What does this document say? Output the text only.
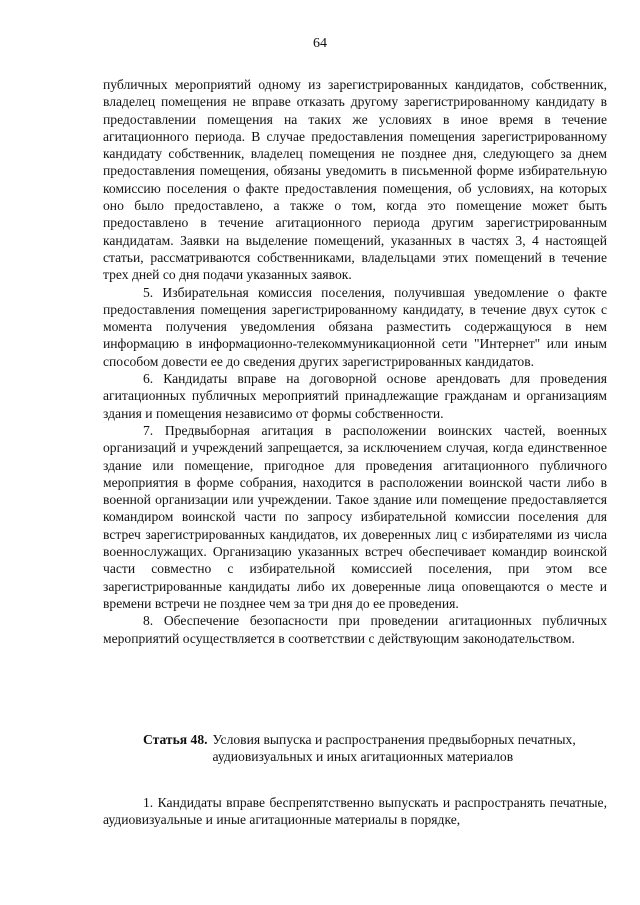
64

публичных мероприятий одному из зарегистрированных кандидатов, собственник, владелец помещения не вправе отказать другому зарегистрированному кандидату в предоставлении помещения на таких же условиях в иное время в течение агитационного периода. В случае предоставления помещения зарегистрированному кандидату собственник, владелец помещения не позднее дня, следующего за днем предоставления помещения, обязаны уведомить в письменной форме избирательную комиссию поселения о факте предоставления помещения, об условиях, на которых оно было предоставлено, а также о том, когда это помещение может быть предоставлено в течение агитационного периода другим зарегистрированным кандидатам. Заявки на выделение помещений, указанных в частях 3, 4 настоящей статьи, рассматриваются собственниками, владельцами этих помещений в течение трех дней со дня подачи указанных заявок.

5. Избирательная комиссия поселения, получившая уведомление о факте предоставления помещения зарегистрированному кандидату, в течение двух суток с момента получения уведомления обязана разместить содержащуюся в нем информацию в информационно-телекоммуникационной сети "Интернет" или иным способом довести ее до сведения других зарегистрированных кандидатов.

6. Кандидаты вправе на договорной основе арендовать для проведения агитационных публичных мероприятий принадлежащие гражданам и организациям здания и помещения независимо от формы собственности.

7. Предвыборная агитация в расположении воинских частей, военных организаций и учреждений запрещается, за исключением случая, когда единственное здание или помещение, пригодное для проведения агитационного публичного мероприятия в форме собрания, находится в расположении воинской части либо в военной организации или учреждении. Такое здание или помещение предоставляется командиром воинской части по запросу избирательной комиссии поселения для встреч зарегистрированных кандидатов, их доверенных лиц с избирателями из числа военнослужащих. Организацию указанных встреч обеспечивает командир воинской части совместно с избирательной комиссией поселения, при этом все зарегистрированные кандидаты либо их доверенные лица оповещаются о месте и времени встречи не позднее чем за три дня до ее проведения.

8. Обеспечение безопасности при проведении агитационных публичных мероприятий осуществляется в соответствии с действующим законодательством.

Статья 48. Условия выпуска и распространения предвыборных печатных, аудиовизуальных и иных агитационных материалов

1. Кандидаты вправе беспрепятственно выпускать и распространять печатные, аудиовизуальные и иные агитационные материалы в порядке,
